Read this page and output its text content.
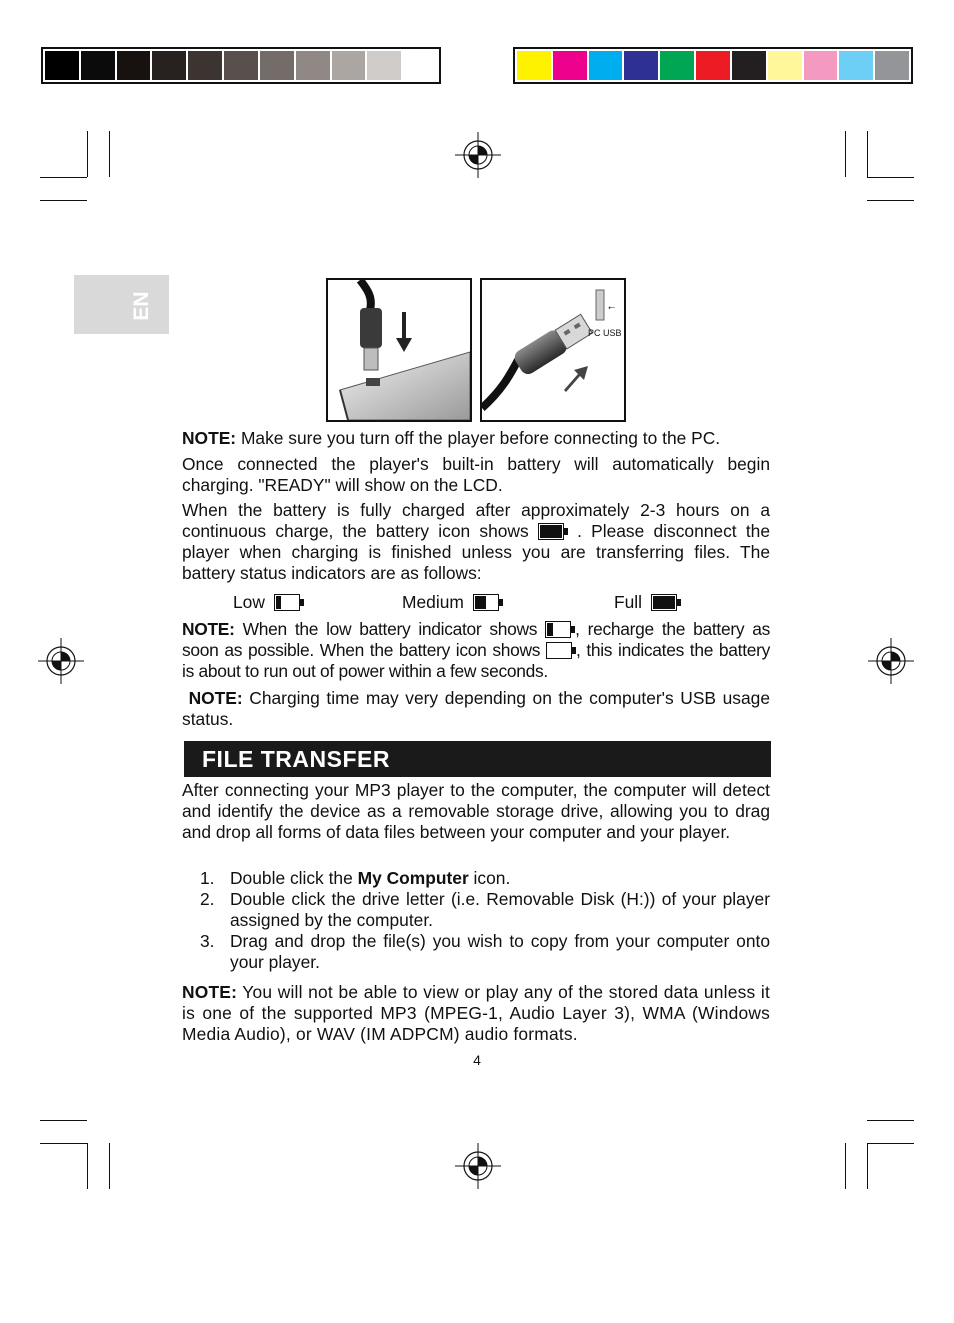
EN	⭠
PC USB
NOTE: Make sure you turn off the player before connecting to the PC.
Once connected the player's built-in battery will automatically begin charging. "READY" will show on the LCD.
When the battery is fully charged after approximately 2-3 hours on a continuous charge, the battery icon shows
. Please disconnect the player when charging is finished unless you are transferring files. The battery status indicators are as follows:
Low	Medium	Full
NOTE: When the low battery indicator shows
, recharge the battery as soon as possible. When the battery icon shows
, this indicates the battery is about to run out of power within a few seconds.
NOTE: Charging time may very depending on the computer's USB usage status.
FILE TRANSFER
After connecting your MP3 player to the computer, the computer will detect and identify the device as a removable storage drive, allowing you to drag and drop all forms of data files between your computer and your player.
1. Double click the My Computer icon.
2. Double click the drive letter (i.e. Removable Disk (H:)) of your player assigned by the computer.
3. Drag and drop the file(s) you wish to copy from your computer onto your player.
NOTE: You will not be able to view or play any of the stored data unless it is one of the supported MP3 (MPEG-1, Audio Layer 3), WMA (Windows Media Audio), or WAV (IM ADPCM) audio formats.
4
